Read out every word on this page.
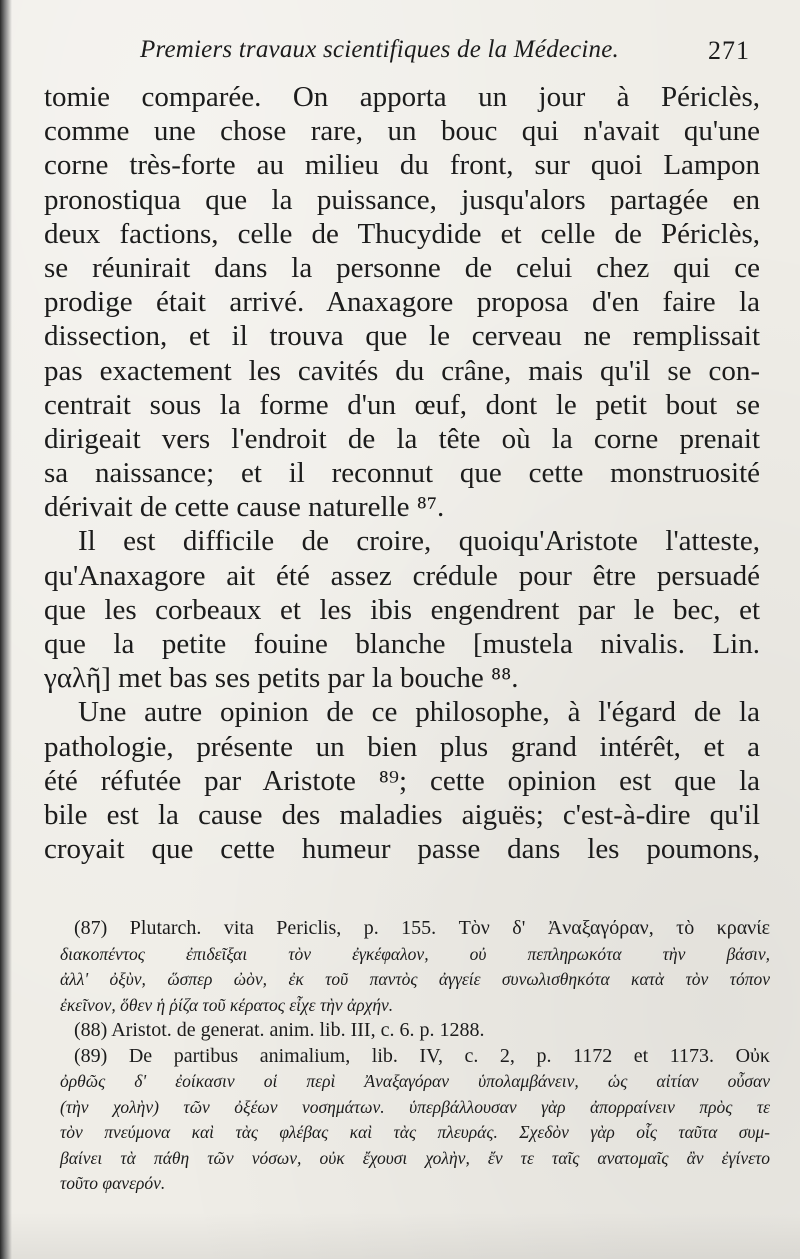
Premiers travaux scientifiques de la Médecine.	271
tomie comparée. On apporta un jour à Périclès,
comme une chose rare, un bouc qui n'avait qu'une
corne très-forte au milieu du front, sur quoi Lampon
pronostiqua que la puissance, jusqu'alors partagée en
deux factions, celle de Thucydide et celle de Périclès,
se réunirait dans la personne de celui chez qui ce
prodige était arrivé. Anaxagore proposa d'en faire la
dissection, et il trouva que le cerveau ne remplissait
pas exactement les cavités du crâne, mais qu'il se con-
centrait sous la forme d'un œuf, dont le petit bout se
dirigeait vers l'endroit de la tête où la corne prenait
sa naissance; et il reconnut que cette monstruosité
dérivait de cette cause naturelle ⁸⁷.
Il est difficile de croire, quoiqu'Aristote l'atteste,
qu'Anaxagore ait été assez crédule pour être persuadé
que les corbeaux et les ibis engendrent par le bec, et
que la petite fouine blanche [mustela nivalis. Lin.
γαλῆ] met bas ses petits par la bouche ⁸⁸.
Une autre opinion de ce philosophe, à l'égard de la
pathologie, présente un bien plus grand intérêt, et a
été réfutée par Aristote ⁸⁹; cette opinion est que la
bile est la cause des maladies aiguës; c'est-à-dire qu'il
croyait que cette humeur passe dans les poumons,
(87) Plutarch. vita Periclis, p. 155. Τὸν δ' Ἀναξαγόραν, τὸ κρανίε
διακοπέντος ἐπιδεῖξαι τὸν ἐγκέφαλον, οὐ πεπληρωκότα τὴν βάσιν,
ἀλλ' ὀξὺν, ὥσπερ ὠὸν, ἐκ τοῦ παντὸς ἀγγείε συνωλισθηκότα κατὰ τὸν τόπον
ἐκεῖνον, ὅθεν ἡ ῥίζα τοῦ κέρατος εἶχε τὴν ἀρχήν.
(88) Aristot. de generat. anim. lib. III, c. 6. p. 1288.
(89) De partibus animalium, lib. IV, c. 2, p. 1172 et 1173. Οὐκ
ὀρθῶς δ' ἐοίκασιν οἱ περὶ Ἀναξαγόραν ὑπολαμβάνειν, ὡς αἰτίαν οὖσαν
(τὴν χολὴν) τῶν ὀξέων νοσημάτων. ὑπερβάλλουσαν γὰρ ἀπορραίνειν πρὸς τε
τὸν πνεύμονα καὶ τὰς φλέβας καὶ τὰς πλευράς. Σχεδὸν γὰρ οἷς ταῦτα συμ-
βαίνει τὰ πάθη τῶν νόσων, οὐκ ἔχουσι χολὴν, ἔν τε ταῖς ανατομαῖς ἂν ἐγίνετο
τοῦτο φανερόν.
